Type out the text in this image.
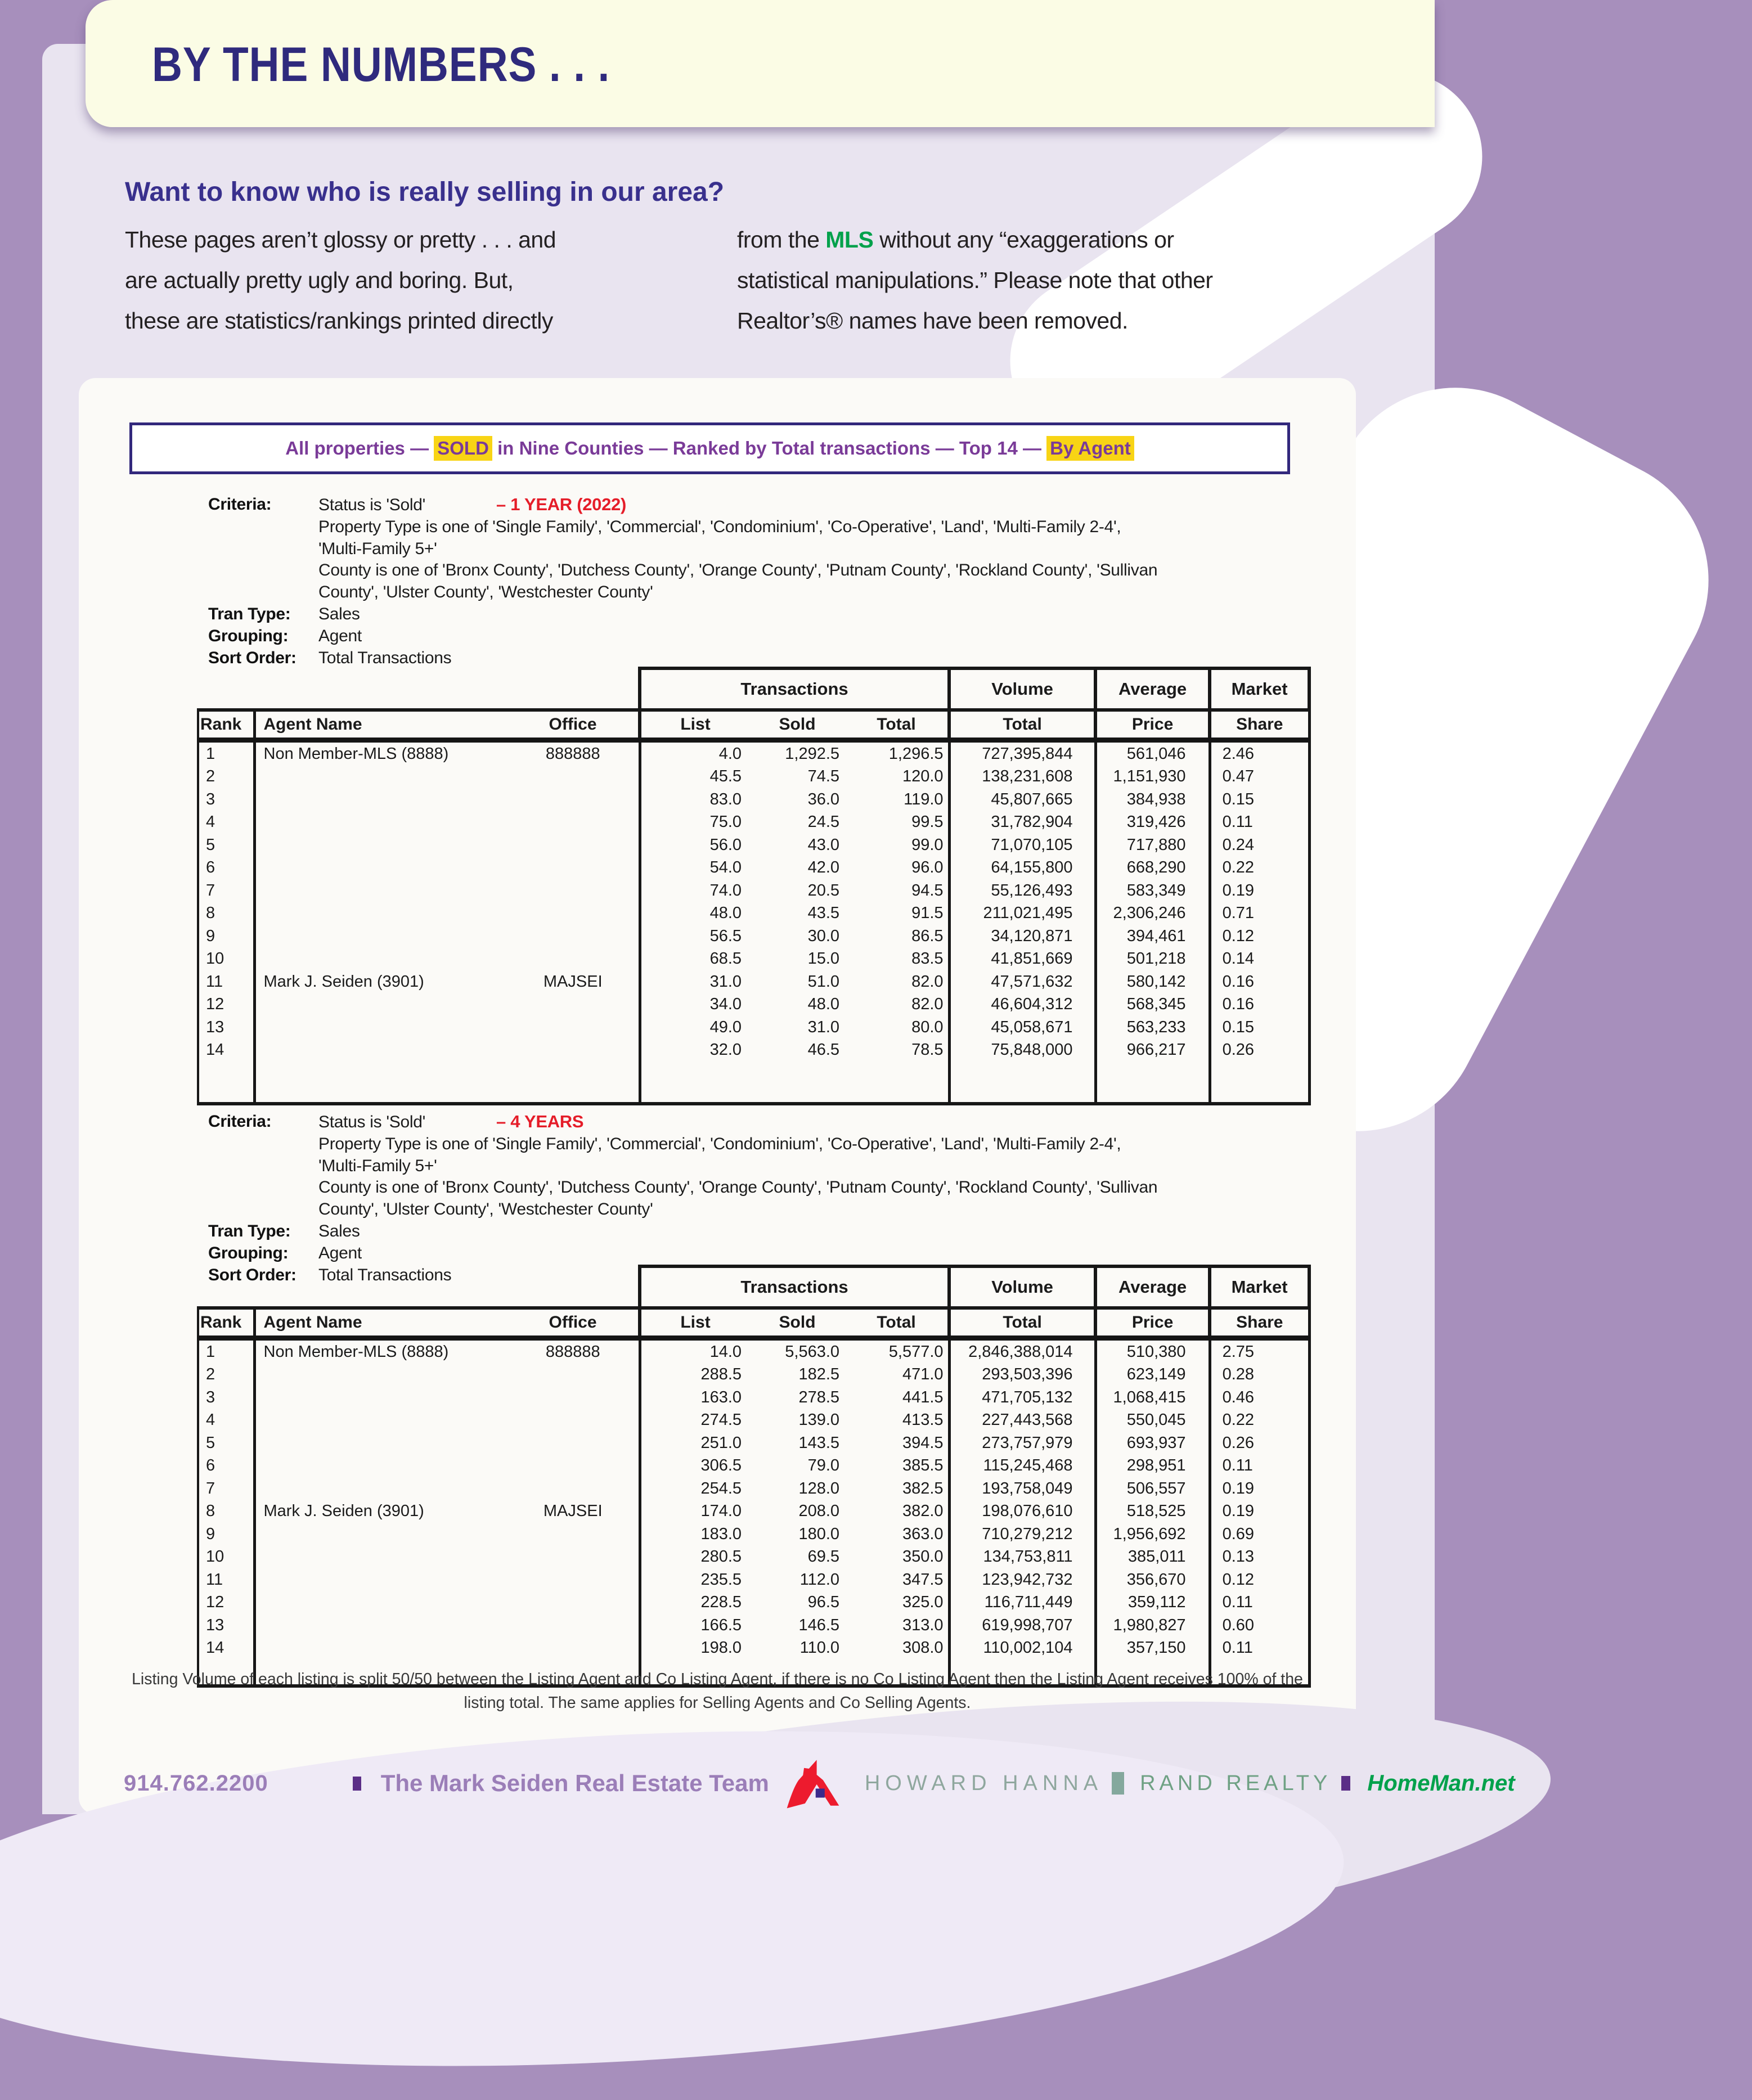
BY THE NUMBERS . . .
Want to know who is really selling in our area?
These pages aren’t glossy or pretty . . . and
are actually pretty ugly and boring. But,
these are statistics/rankings printed directly
from the MLS without any “exaggerations or
statistical manipulations.” Please note that other
Realtor’s® names have been removed.
All properties — SOLD in Nine Counties — Ranked by Total transactions — Top 14 — By Agent
Criteria:	Status is 'Sold'	– 1 YEAR (2022)
Property Type is one of 'Single Family', 'Commercial', 'Condominium', 'Co-Operative', 'Land', 'Multi-Family 2-4',
'Multi-Family 5+'
County is one of 'Bronx County', 'Dutchess County', 'Orange County', 'Putnam County', 'Rockland County', 'Sullivan
County', 'Ulster County', 'Westchester County'
Tran Type:	Sales
Grouping:	Agent
Sort Order:	Total Transactions
			Transactions			Volume	Average	Market
Rank	Agent Name	Office	List	Sold	Total	Total	Price	Share
1	Non Member-MLS (8888)	888888	4.0	1,292.5	1,296.5	727,395,844	561,046	2.46
2			45.5	74.5	120.0	138,231,608	1,151,930	0.47
3			83.0	36.0	119.0	45,807,665	384,938	0.15
4			75.0	24.5	99.5	31,782,904	319,426	0.11
5			56.0	43.0	99.0	71,070,105	717,880	0.24
6			54.0	42.0	96.0	64,155,800	668,290	0.22
7			74.0	20.5	94.5	55,126,493	583,349	0.19
8			48.0	43.5	91.5	211,021,495	2,306,246	0.71
9			56.5	30.0	86.5	34,120,871	394,461	0.12
10			68.5	15.0	83.5	41,851,669	501,218	0.14
11	Mark J. Seiden (3901)	MAJSEI	31.0	51.0	82.0	47,571,632	580,142	0.16
12			34.0	48.0	82.0	46,604,312	568,345	0.16
13			49.0	31.0	80.0	45,058,671	563,233	0.15
14			32.0	46.5	78.5	75,848,000	966,217	0.26

Criteria:	Status is 'Sold'	– 4 YEARS
Property Type is one of 'Single Family', 'Commercial', 'Condominium', 'Co-Operative', 'Land', 'Multi-Family 2-4',
'Multi-Family 5+'
County is one of 'Bronx County', 'Dutchess County', 'Orange County', 'Putnam County', 'Rockland County', 'Sullivan
County', 'Ulster County', 'Westchester County'
Tran Type:	Sales
Grouping:	Agent
Sort Order:	Total Transactions
			Transactions			Volume	Average	Market
Rank	Agent Name	Office	List	Sold	Total	Total	Price	Share
1	Non Member-MLS (8888)	888888	14.0	5,563.0	5,577.0	2,846,388,014	510,380	2.75
2			288.5	182.5	471.0	293,503,396	623,149	0.28
3			163.0	278.5	441.5	471,705,132	1,068,415	0.46
4			274.5	139.0	413.5	227,443,568	550,045	0.22
5			251.0	143.5	394.5	273,757,979	693,937	0.26
6			306.5	79.0	385.5	115,245,468	298,951	0.11
7			254.5	128.0	382.5	193,758,049	506,557	0.19
8	Mark J. Seiden (3901)	MAJSEI	174.0	208.0	382.0	198,076,610	518,525	0.19
9			183.0	180.0	363.0	710,279,212	1,956,692	0.69
10			280.5	69.5	350.0	134,753,811	385,011	0.13
11			235.5	112.0	347.5	123,942,732	356,670	0.12
12			228.5	96.5	325.0	116,711,449	359,112	0.11
13			166.5	146.5	313.0	619,998,707	1,980,827	0.60
14			198.0	110.0	308.0	110,002,104	357,150	0.11

Listing Volume of each listing is split 50/50 between the Listing Agent and Co Listing Agent, if there is no Co Listing Agent then the Listing Agent receives 100% of the
listing total. The same applies for Selling Agents and Co Selling Agents.
914.762.2200	The Mark Seiden Real Estate Team	HOWARD HANNA RAND REALTY HomeMan.net
